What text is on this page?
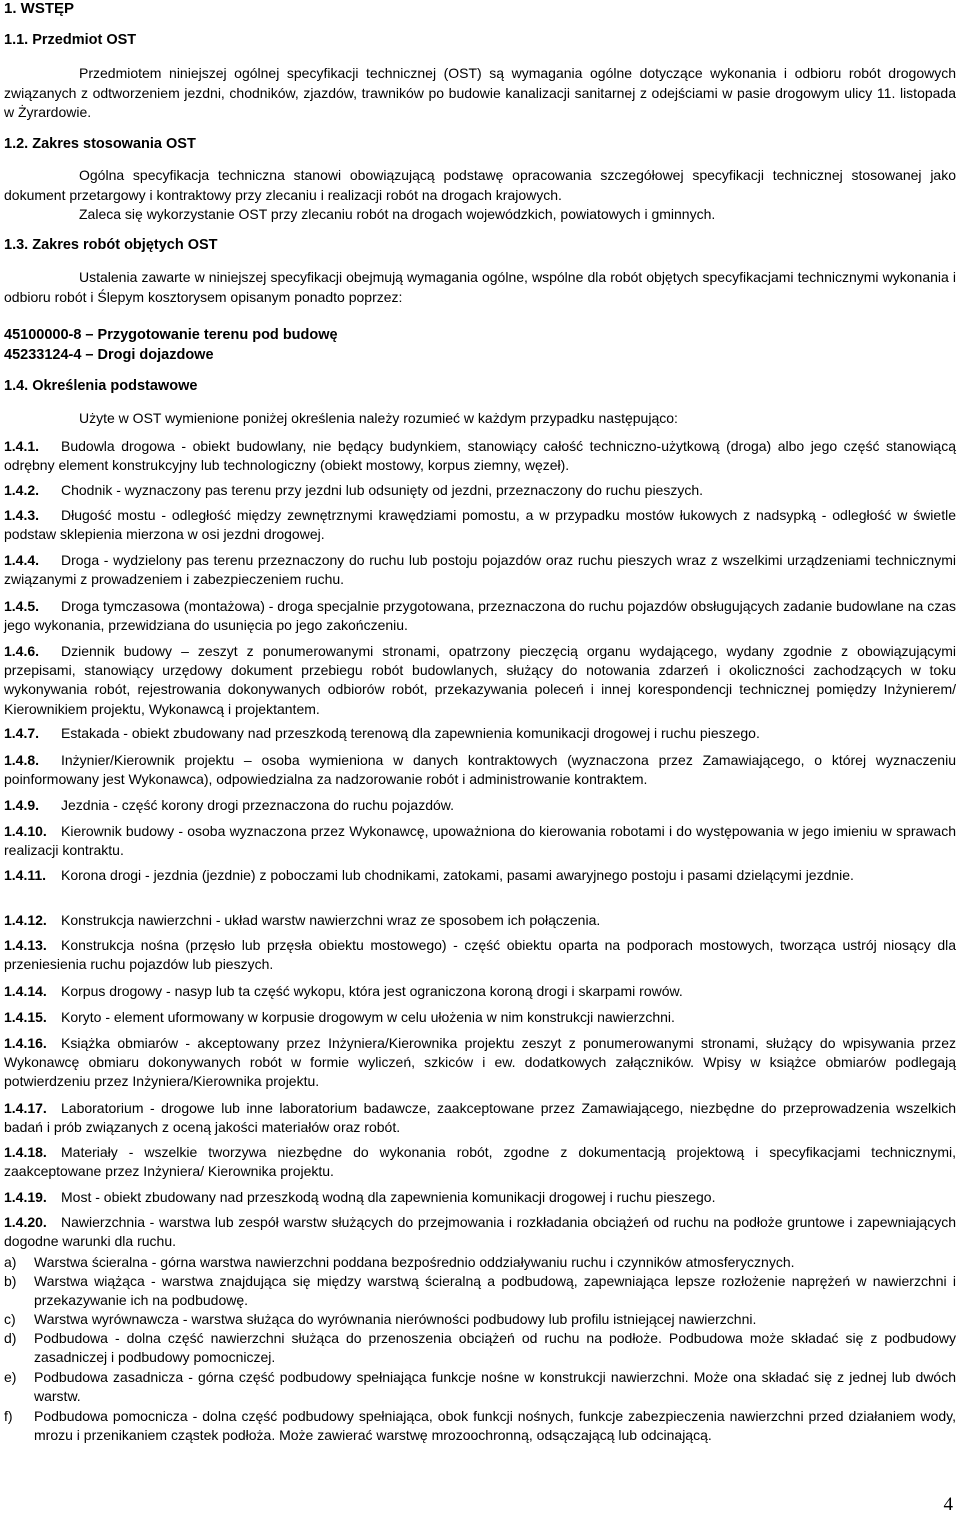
1. WSTĘP
1.1. Przedmiot OST
Przedmiotem niniejszej ogólnej specyfikacji technicznej (OST) są wymagania ogólne dotyczące wykonania i odbioru robót drogowych związanych z odtworzeniem jezdni, chodników, zjazdów, trawników po budowie kanalizacji sanitarnej z odejściami w pasie drogowym ulicy 11. listopada w Żyrardowie.
1.2. Zakres stosowania OST
Ogólna specyfikacja techniczna stanowi obowiązującą podstawę opracowania szczegółowej specyfikacji technicznej stosowanej jako dokument przetargowy i kontraktowy przy zlecaniu i realizacji robót na drogach krajowych.
Zaleca się wykorzystanie OST przy zlecaniu robót na drogach wojewódzkich, powiatowych i gminnych.
1.3. Zakres robót objętych OST
Ustalenia zawarte w niniejszej specyfikacji obejmują wymagania ogólne, wspólne dla robót objętych specyfikacjami technicznymi wykonania i odbioru robót i Ślepym kosztorysem opisanym ponadto poprzez:
45100000-8 – Przygotowanie terenu pod budowę
45233124-4 – Drogi dojazdowe
1.4. Określenia podstawowe
Użyte w OST wymienione poniżej określenia należy rozumieć w każdym przypadku następująco:
1.4.1. Budowla drogowa - obiekt budowlany, nie będący budynkiem, stanowiący całość techniczno-użytkową (droga) albo jego część stanowiącą odrębny element konstrukcyjny lub technologiczny (obiekt mostowy, korpus ziemny, węzeł).
1.4.2. Chodnik - wyznaczony pas terenu przy jezdni lub odsunięty od jezdni, przeznaczony do ruchu pieszych.
1.4.3. Długość mostu - odległość między zewnętrznymi krawędziami pomostu, a w przypadku mostów łukowych z nadsypką - odległość w świetle podstaw sklepienia mierzona w osi jezdni drogowej.
1.4.4. Droga - wydzielony pas terenu przeznaczony do ruchu lub postoju pojazdów oraz ruchu pieszych wraz z wszelkimi urządzeniami technicznymi związanymi z prowadzeniem i zabezpieczeniem ruchu.
1.4.5. Droga tymczasowa (montażowa) - droga specjalnie przygotowana, przeznaczona do ruchu pojazdów obsługujących zadanie budowlane na czas jego wykonania, przewidziana do usunięcia po jego zakończeniu.
1.4.6. Dziennik budowy – zeszyt z ponumerowanymi stronami, opatrzony pieczęcią organu wydającego, wydany zgodnie z obowiązującymi przepisami, stanowiący urzędowy dokument przebiegu robót budowlanych, służący do notowania zdarzeń i okoliczności zachodzących w toku wykonywania robót, rejestrowania dokonywanych odbiorów robót, przekazywania poleceń i innej korespondencji technicznej pomiędzy Inżynierem/ Kierownikiem projektu, Wykonawcą i projektantem.
1.4.7. Estakada - obiekt zbudowany nad przeszkodą terenową dla zapewnienia komunikacji drogowej i ruchu pieszego.
1.4.8. Inżynier/Kierownik projektu – osoba wymieniona w danych kontraktowych (wyznaczona przez Zamawiającego, o której wyznaczeniu poinformowany jest Wykonawca), odpowiedzialna za nadzorowanie robót i administrowanie kontraktem.
1.4.9. Jezdnia - część korony drogi przeznaczona do ruchu pojazdów.
1.4.10. Kierownik budowy - osoba wyznaczona przez Wykonawcę, upoważniona do kierowania robotami i do występowania w jego imieniu w sprawach realizacji kontraktu.
1.4.11. Korona drogi - jezdnia (jezdnie) z poboczami lub chodnikami, zatokami, pasami awaryjnego postoju i pasami dzielącymi jezdnie.
1.4.12. Konstrukcja nawierzchni - układ warstw nawierzchni wraz ze sposobem ich połączenia.
1.4.13. Konstrukcja nośna (przęsło lub przęsła obiektu mostowego) - część obiektu oparta na podporach mostowych, tworząca ustrój niosący dla przeniesienia ruchu pojazdów lub pieszych.
1.4.14. Korpus drogowy - nasyp lub ta część wykopu, która jest ograniczona koroną drogi i skarpami rowów.
1.4.15. Koryto - element uformowany w korpusie drogowym w celu ułożenia w nim konstrukcji nawierzchni.
1.4.16. Książka obmiarów - akceptowany przez Inżyniera/Kierownika projektu zeszyt z ponumerowanymi stronami, służący do wpisywania przez Wykonawcę obmiaru dokonywanych robót w formie wyliczeń, szkiców i ew. dodatkowych załączników. Wpisy w książce obmiarów podlegają potwierdzeniu przez Inżyniera/Kierownika projektu.
1.4.17. Laboratorium - drogowe lub inne laboratorium badawcze, zaakceptowane przez Zamawiającego, niezbędne do przeprowadzenia wszelkich badań i prób związanych z oceną jakości materiałów oraz robót.
1.4.18. Materiały - wszelkie tworzywa niezbędne do wykonania robót, zgodne z dokumentacją projektową i specyfikacjami technicznymi, zaakceptowane przez Inżyniera/ Kierownika projektu.
1.4.19. Most - obiekt zbudowany nad przeszkodą wodną dla zapewnienia komunikacji drogowej i ruchu pieszego.
1.4.20. Nawierzchnia - warstwa lub zespół warstw służących do przejmowania i rozkładania obciążeń od ruchu na podłoże gruntowe i zapewniających dogodne warunki dla ruchu.
a) Warstwa ścieralna - górna warstwa nawierzchni poddana bezpośrednio oddziaływaniu ruchu i czynników atmosferycznych.
b) Warstwa wiążąca - warstwa znajdująca się między warstwą ścieralną a podbudową, zapewniająca lepsze rozłożenie naprężeń w nawierzchni i przekazywanie ich na podbudowę.
c) Warstwa wyrównawcza - warstwa służąca do wyrównania nierówności podbudowy lub profilu istniejącej nawierzchni.
d) Podbudowa - dolna część nawierzchni służąca do przenoszenia obciążeń od ruchu na podłoże. Podbudowa może składać się z podbudowy zasadniczej i podbudowy pomocniczej.
e) Podbudowa zasadnicza - górna część podbudowy spełniająca funkcje nośne w konstrukcji nawierzchni. Może ona składać się z jednej lub dwóch warstw.
f) Podbudowa pomocnicza - dolna część podbudowy spełniająca, obok funkcji nośnych, funkcje zabezpieczenia nawierzchni przed działaniem wody, mrozu i przenikaniem cząstek podłoża. Może zawierać warstwę mrozoochronną, odsączającą lub odcinającą.
4
